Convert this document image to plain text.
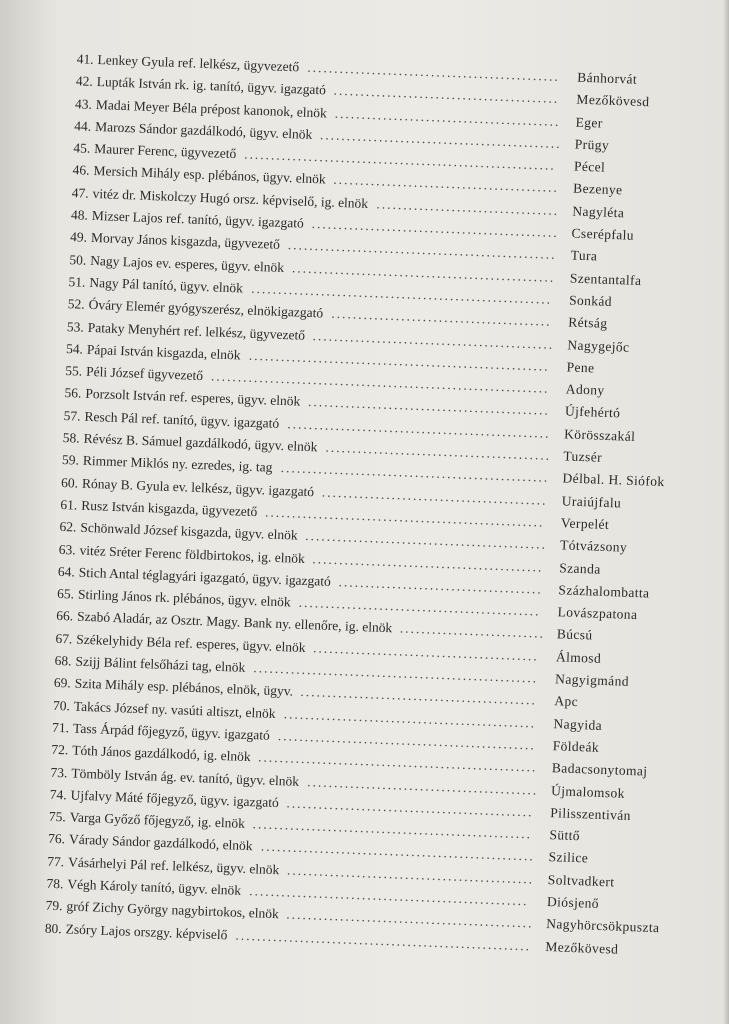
41. Lenkey Gyula ref. lelkész, ügyvezető ...............................................	Bánhorvát
42. Lupták István rk. ig. tanító, ügyv. igazgató ..........................................	Mezőkövesd
43. Madai Meyer Béla prépost kanonok, elnök .......................................... Eger
44. Marozs Sándor gazdálkodó, ügyv. elnök ............................................. Prügy
45. Maurer Ferenc, ügyvezető ..........................................................	Pécel
46. Mersich Mihály esp. plébános, ügyv. elnök .......................................... Bezenye
47. vitéz dr. Miskolczy Hugó orsz. képviselő, ig. elnök .................................. Nagyléta
48. Mizser Lajos ref. tanító, ügyv. igazgató .............................................. Cserépfalu
49. Morvay János kisgazda, ügyvezető .................................................. Tura
50. Nagy Lajos ev. esperes, ügyv. elnök ................................................. Szentantalfa
51. Nagy Pál tanító, ügyv. elnök ........................................................	Sonkád
52. Óváry Elemér gyógyszerész, elnökigazgató .........................................	Rétság
53. Pataky Menyhért ref. lelkész, ügyvezető ............................................. Nagygejőc
54. Pápai István kisgazda, elnök ........................................................	Pene
55. Péli József ügyvezető ...............................................................	Adony
56. Porzsolt István ref. esperes, ügyv. elnök ............................................. Újfehértó
57. Resch Pál ref. tanító, ügyv. igazgató ................................................. Körösszakál
58. Révész B. Sámuel gazdálkodó, ügyv. elnök .......................................... Tuzsér
59. Rimmer Miklós ny. ezredes, ig. tag .................................................. Délbal. H. Siófok
60. Rónay B. Gyula ev. lelkész, ügyv. igazgató .......................................... Uraiújfalu
61. Rusz István kisgazda, ügyvezető ....................................................	Verpelét
62. Schönwald József kisgazda, ügyv. elnök ............................................. Tótvázsony
63. vitéz Sréter Ferenc földbirtokos, ig. elnök ........................................... Szanda
64. Stich Antal téglagyári igazgató, ügyv. igazgató ...................................... Százhalombatta
65. Stirling János rk. plébános, ügyv. elnök .............................................	Lovászpatona
66. Szabó Aladár, az Osztr. Magy. Bank ny. ellenőre, ig. elnök ........................... Búcsú
67. Székelyhidy Béla ref. esperes, ügyv. elnök ..........................................	Álmosd
68. Szijj Bálint felsőházi tag, elnök .....................................................	Nagyigmánd
69. Szita Mihály esp. plébános, elnök, ügyv. ............................................	Apc
70. Takács József ny. vasúti altiszt, elnök ...............................................	Nagyida
71. Tass Árpád főjegyző, ügyv. igazgató ................................................	Földeák
72. Tóth János gazdálkodó, ig. elnök .................................................... Badacsonytomaj
73. Tömböly István ág. ev. tanító, ügyv. elnök ........................................... Újmalomsok
74. Ujfalvy Máté főjegyző, ügyv. igazgató ..............................................	Pilisszentiván
75. Varga Győző főjegyző, ig. elnök ....................................................	Süttő
76. Várady Sándor gazdálkodó, elnök ................................................... Szilice
77. Vásárhelyi Pál ref. lelkész, ügyv. elnök .............................................. Soltvadkert
78. Végh Károly tanító, ügyv. elnök ....................................................	Diósjenő
79. gróf Zichy György nagybirtokos, elnök .............................................. Nagyhörcsökpuszta
80. Zsóry Lajos orszgy. képviselő ....................................................... Mezőkövesd
